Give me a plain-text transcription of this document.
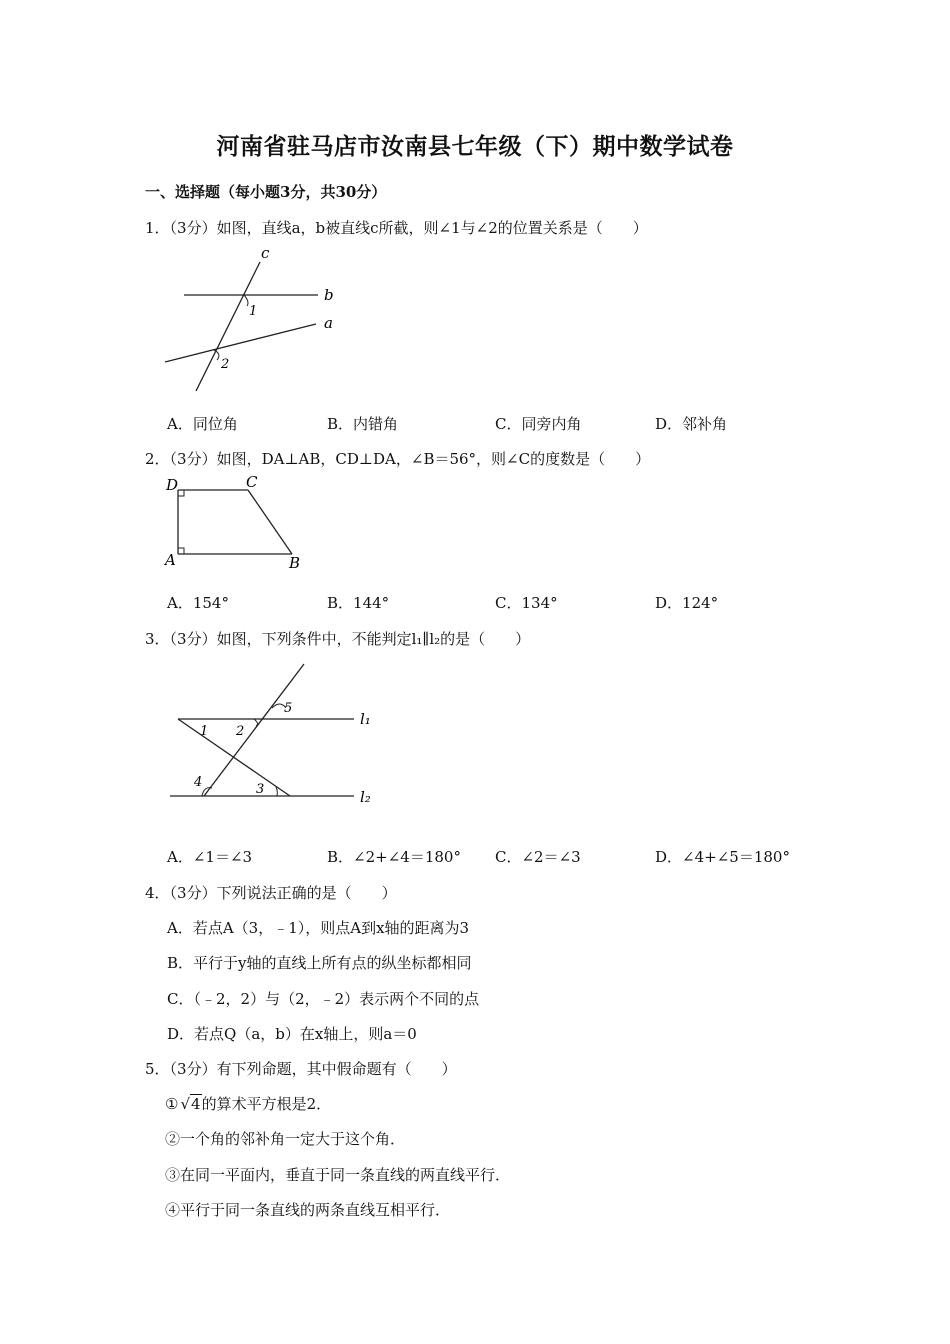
河南省驻马店市汝南县七年级（下）期中数学试卷
一、选择题（每小题3分，共30分）
1．（3分）如图，直线a，b被直线c所截，则∠1与∠2的位置关系是（　　）
c
b
a
1
2
A．同位角	B．内错角	C．同旁内角	D．邻补角
2．（3分）如图，DA⊥AB，CD⊥DA，∠B＝56°，则∠C的度数是（　　）
D	C
A	B
A．154°	B．144°	C．134°	D．124°
3．（3分）如图，下列条件中，不能判定l₁∥l₂的是（　　）
l₁
l₂
1 2
3
4
5
A．∠1＝∠3	B．∠2+∠4＝180° C．∠2＝∠3	D．∠4+∠5＝180°
4．（3分）下列说法正确的是（　　）
A．若点A（3，﹣1），则点A到x轴的距离为3
B．平行于y轴的直线上所有点的纵坐标都相同
C．（﹣2，2）与（2，﹣2）表示两个不同的点
D．若点Q（a，b）在x轴上，则a＝0
5．（3分）有下列命题，其中假命题有（　　）
① √4的算术平方根是2．
②一个角的邻补角一定大于这个角．
③在同一平面内，垂直于同一条直线的两直线平行．
④平行于同一条直线的两条直线互相平行．
